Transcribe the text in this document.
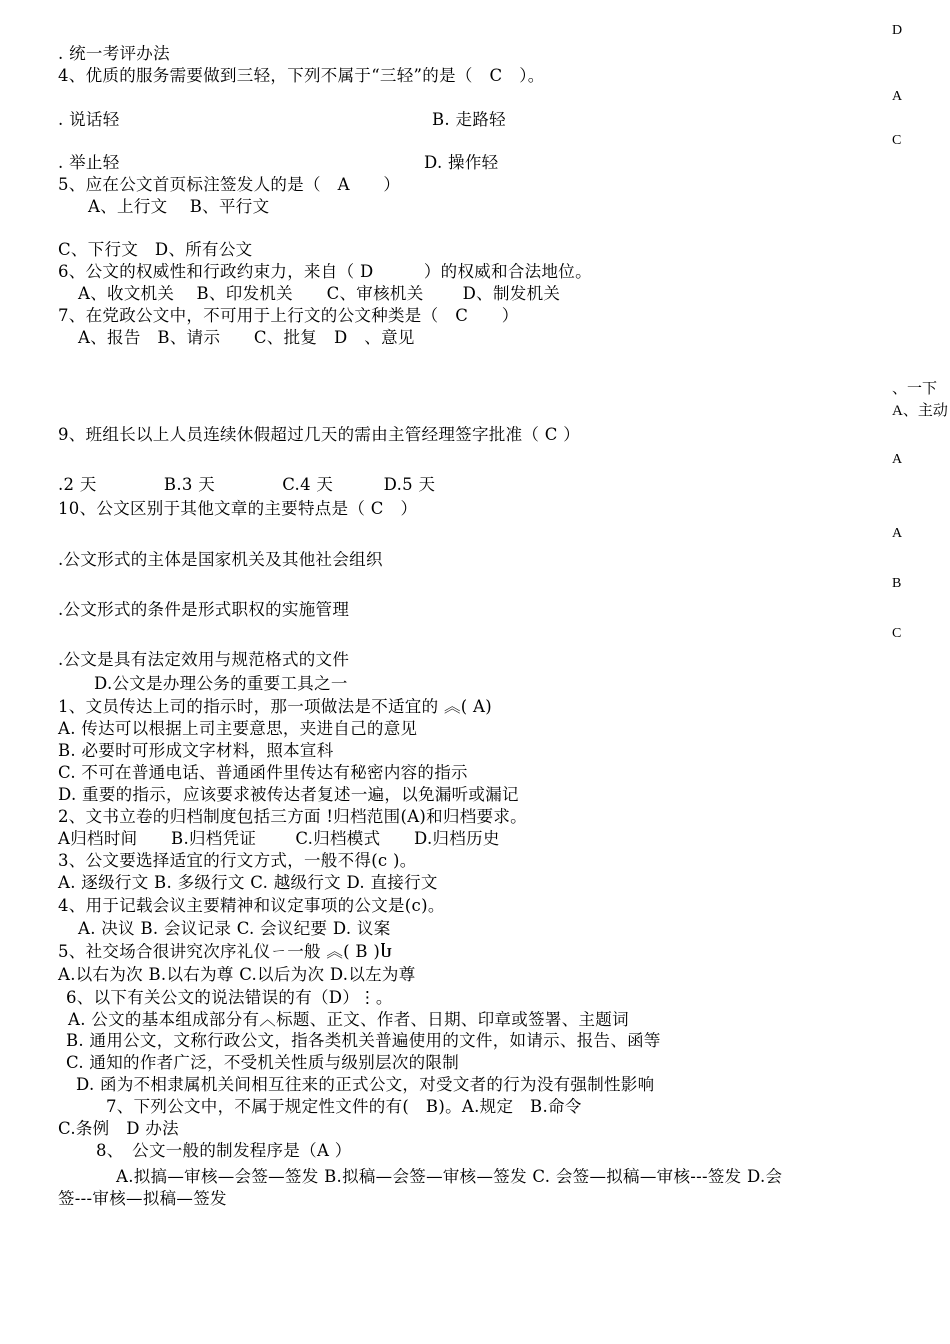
. 统一考评办法
4、优质的服务需要做到三轻，下列不属于“三轻”的是（　C　）。
. 说话轻	B. 走路轻
. 举止轻	D. 操作轻
5、应在公文首页标注签发人的是（　A　　）
A、上行文　 B、平行文
C、下行文　D、所有公文
6、公文的权威性和行政约束力，来自（ D　　　）的权威和合法地位。
A、收文机关　 B、印发机关　　C、审核机关　　 D、制发机关
7、在党政公文中，不可用于上行文的公文种类是（　C　　）
A、报告　B、请示　　C、批复　D　、意见
9、班组长以上人员连续休假超过几天的需由主管经理签字批准（ C ）
.2 天　　　　B.3 天　　　　C.4 天　　　D.5 天
10、公文区别于其他文章的主要特点是（ C　）
.公文形式的主体是国家机关及其他社会组织
.公文形式的条件是形式职权的实施管理
.公文是具有法定效用与规范格式的文件
D.公文是办理公务的重要工具之一
1、文员传达上司的指示时，那一项做法是不适宜的 ︽( A)
A. 传达可以根据上司主要意思，夹进自己的意见
B. 必要时可形成文字材料，照本宣科
C. 不可在普通电话、普通函件里传达有秘密内容的指示
D. 重要的指示，应该要求被传达者复述一遍，以免漏听或漏记
2、文书立卷的归档制度包括三方面 !归档范围(A)和归档要求。
A归档时间　　B.归档凭证　　 C.归档模式　　D.归档历史
3、公文要选择适宜的行文方式，一般不得(c )。
A. 逐级行文 B. 多级行文 C. 越级行文 D. 直接行文
4、用于记载会议主要精神和议定事项的公文是(c)。
A. 决议 B. 会议记录 C. 会议纪要 D. 议案
5、社交场合很讲究次序礼仪ㄧ一般 ︽( B )Ⴑ
A.以右为次 B.以右为尊 C.以后为次 D.以左为尊
6、以下有关公文的说法错误的有（D）⋮。
A. 公文的基本组成部分有︿标题、正文、作者、日期、印章或签署、主题词
B. 通用公文，文称行政公文，指各类机关普遍使用的文件，如请示、报告、函等
C. 通知的作者广泛，不受机关性质与级别层次的限制
D. 函为不相隶属机关间相互往来的正式公文，对受文者的行为没有强制性影响
7、下列公文中，不属于规定性文件的有(　B)。A.规定　B.命令
C.条例　D 办法
8、　公文一般的制发程序是（A ）
A.拟搞—审核—会签—签发 B.拟稿—会签—审核—签发 C. 会签—拟稿—审核---签发 D.会
签---审核—拟稿—签发
D
A
C
、一下
A、主动
A
A
B
C
